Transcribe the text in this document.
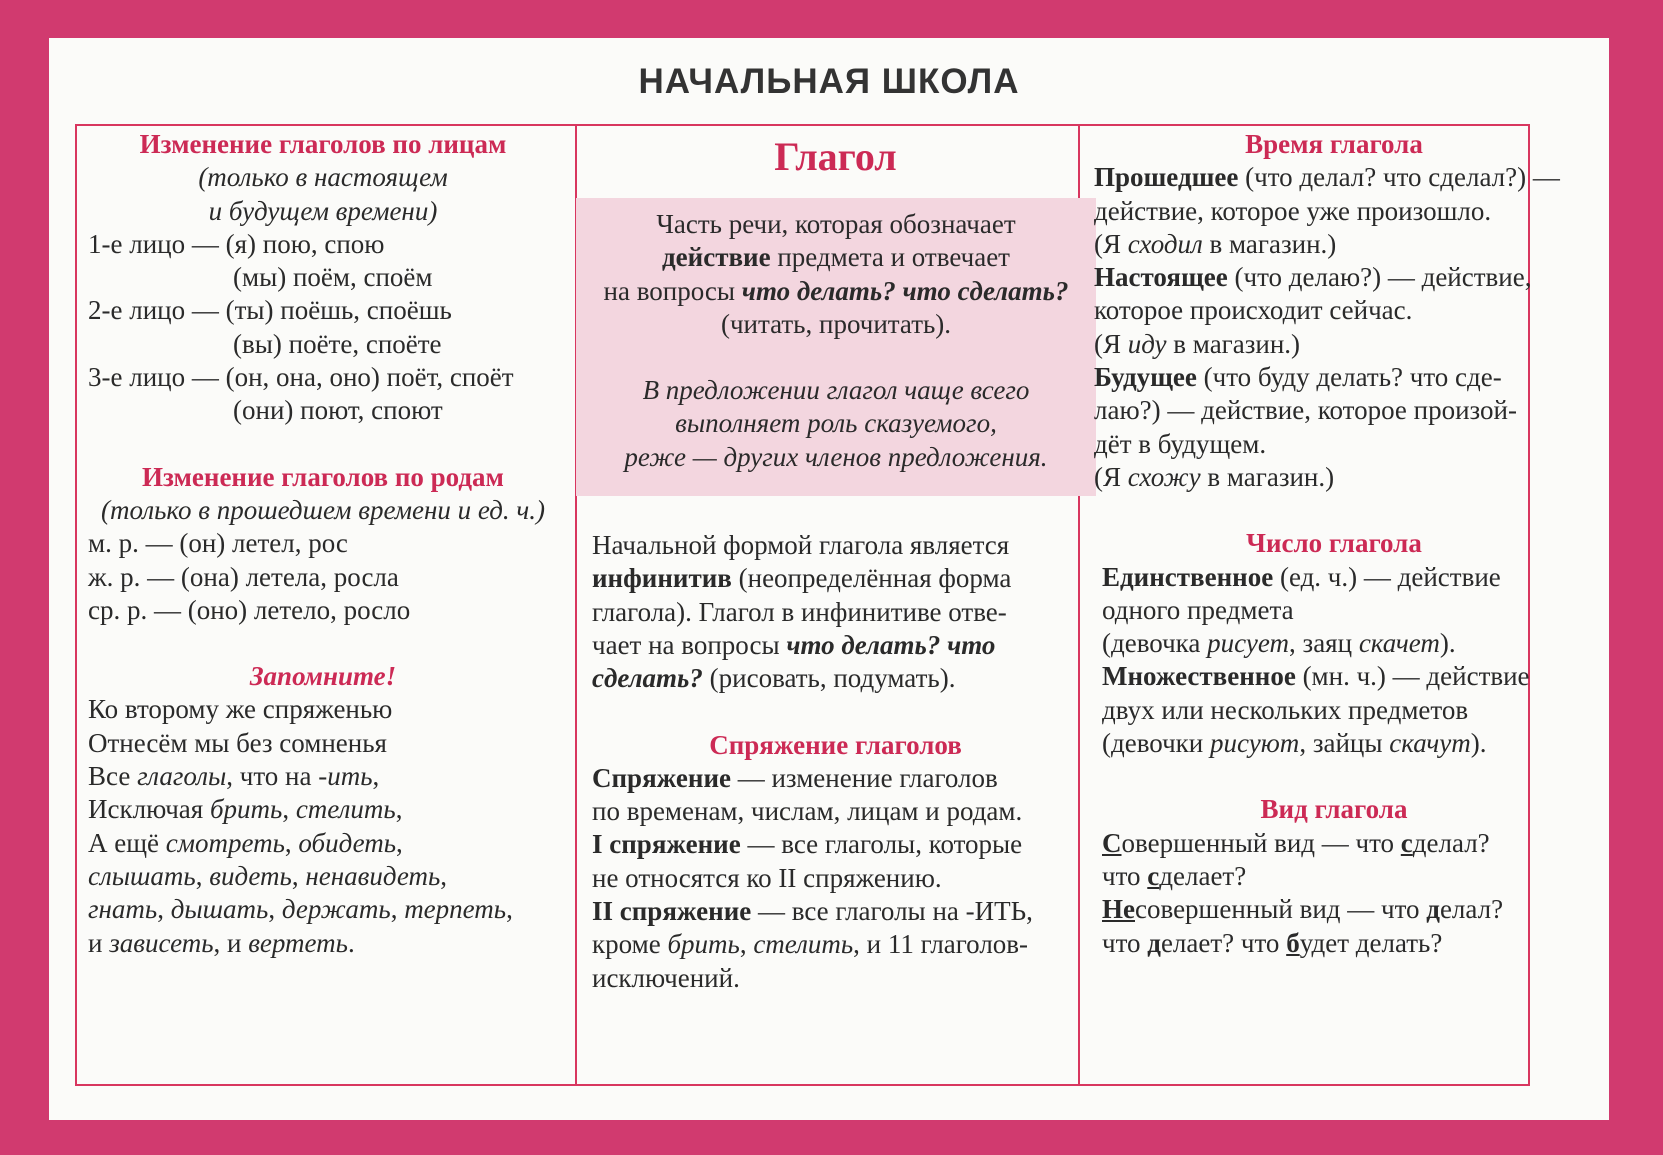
НАЧАЛЬНАЯ ШКОЛА
Изменение глаголов по лицам
(только в настоящем
и будущем времени)
1-е лицо — (я) пою, спою
(мы) поём, споём
2-е лицо — (ты) поёшь, споёшь
(вы) поёте, споёте
3-е лицо — (он, она, оно) поёт, споёт
(они) поют, споют
Изменение глаголов по родам
(только в прошедшем времени и ед. ч.)
м. р. — (он) летел, рос
ж. р. — (она) летела, росла
ср. р. — (оно) летело, росло
Запомните!
Ко второму же спряженью
Отнесём мы без сомненья
Все глаголы, что на -ить,
Исключая брить, стелить,
А ещё смотреть, обидеть,
слышать, видеть, ненавидеть,
гнать, дышать, держать, терпеть,
и зависеть, и вертеть.
Глагол
Часть речи, которая обозначает
действие предмета и отвечает
на вопросы что делать? что сделать?
(читать, прочитать).
В предложении глагол чаще всего
выполняет роль сказуемого,
реже — других членов предложения.
Начальной формой глагола является
инфинитив (неопределённая форма
глагола). Глагол в инфинитиве отве-
чает на вопросы что делать? что
сделать? (рисовать, подумать).
Спряжение глаголов
Спряжение — изменение глаголов
по временам, числам, лицам и родам.
I спряжение — все глаголы, которые
не относятся ко II спряжению.
II спряжение — все глаголы на -ИТЬ,
кроме брить, стелить, и 11 глаголов-
исключений.
Время глагола
Прошедшее (что делал? что сделал?) —
действие, которое уже произошло.
(Я сходил в магазин.)
Настоящее (что делаю?) — действие,
которое происходит сейчас.
(Я иду в магазин.)
Будущее (что буду делать? что сде-
лаю?) — действие, которое произой-
дёт в будущем.
(Я схожу в магазин.)
Число глагола
Единственное (ед. ч.) — действие
одного предмета
(девочка рисует, заяц скачет).
Множественное (мн. ч.) — действие
двух или нескольких предметов
(девочки рисуют, зайцы скачут).
Вид глагола
Совершенный вид — что сделал?
что сделает?
Несовершенный вид — что делал?
что делает? что будет делать?
